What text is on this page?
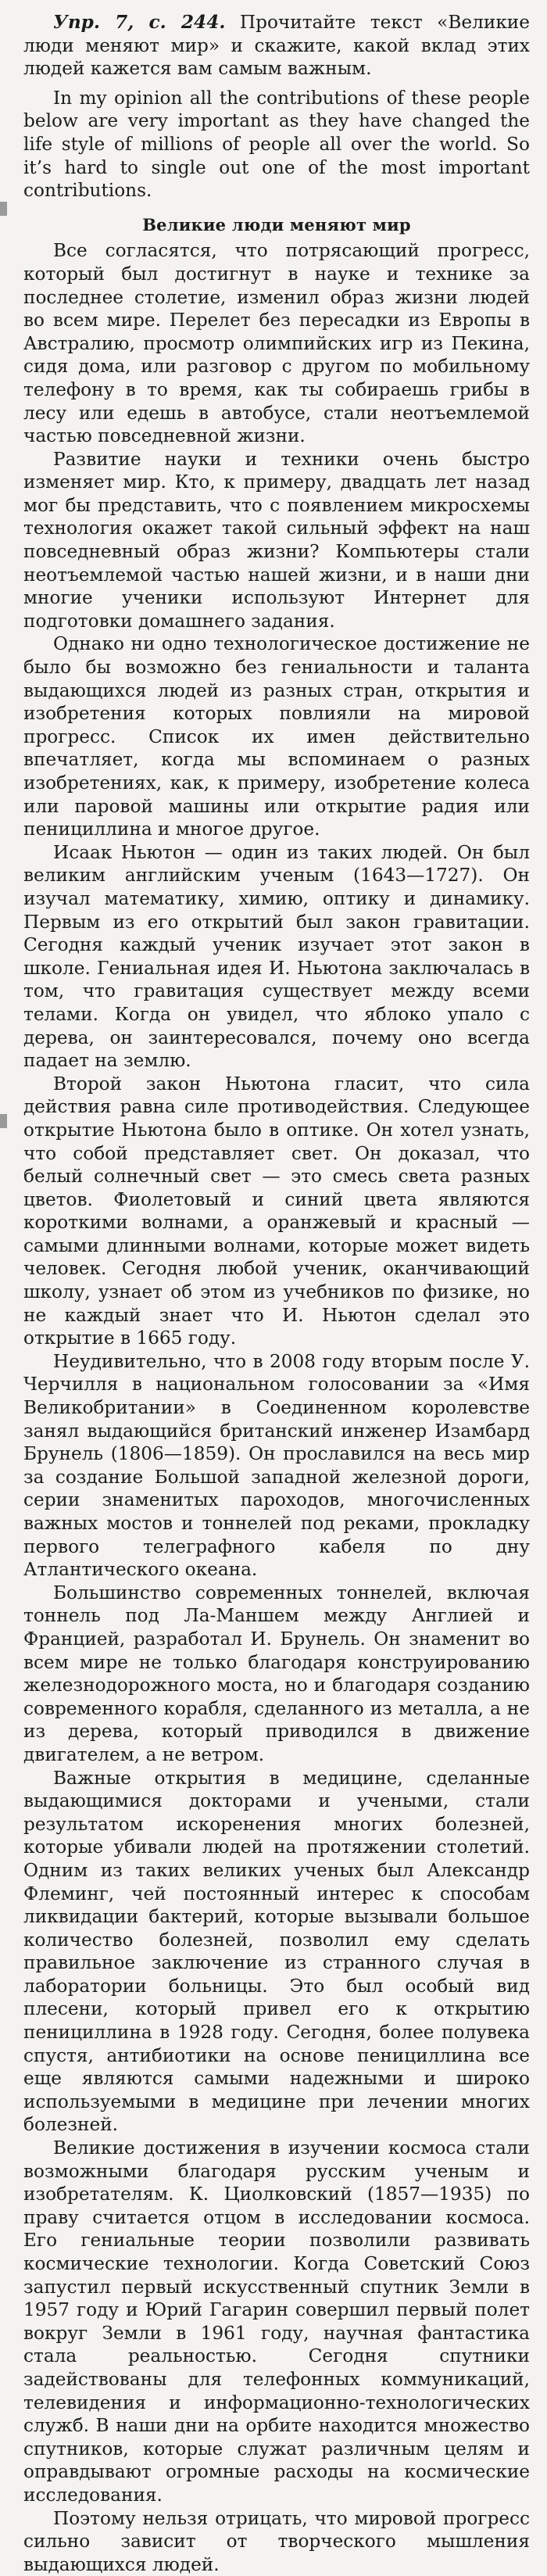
Упр. 7, с. 244. Прочитайте текст «Великие люди меняют мир» и скажите, какой вклад этих людей кажется вам самым важным.

In my opinion all the contributions of these people below are very important as they have changed the life style of millions of people all over the world. So it’s hard to single out one of the most important contributions.

Великие люди меняют мир

Все согласятся, что потрясающий прогресс, который был достигнут в науке и технике за последнее столетие, изменил образ жизни людей во всем мире. Перелет без пересадки из Европы в Австралию, просмотр олимпийских игр из Пекина, сидя дома, или разговор с другом по мобильному телефону в то время, как ты собираешь грибы в лесу или едешь в автобусе, стали неотъемлемой частью повседневной жизни.

Развитие науки и техники очень быстро изменяет мир. Кто, к примеру, двадцать лет назад мог бы представить, что с появлением микросхемы технология окажет такой сильный эффект на наш повседневный образ жизни? Компьютеры стали неотъемлемой частью нашей жизни, и в наши дни многие ученики используют Интернет для подготовки домашнего задания.

Однако ни одно технологическое достижение не было бы возможно без гениальности и таланта выдающихся людей из разных стран, открытия и изобретения которых повлияли на мировой прогресс. Список их имен действительно впечатляет, когда мы вспоминаем о разных изобретениях, как, к примеру, изобретение колеса или паровой машины или открытие радия или пенициллина и многое другое.

Исаак Ньютон — один из таких людей. Он был великим английским ученым (1643—1727). Он изучал математику, химию, оптику и динамику. Первым из его открытий был закон гравитации. Сегодня каждый ученик изучает этот закон в школе. Гениальная идея И. Ньютона заключалась в том, что гравитация существует между всеми телами. Когда он увидел, что яблоко упало с дерева, он заинтересовался, почему оно всегда падает на землю.

Второй закон Ньютона гласит, что сила действия равна силе противодействия. Следующее открытие Ньютона было в оптике. Он хотел узнать, что собой представляет свет. Он доказал, что белый солнечный свет — это смесь света разных цветов. Фиолетовый и синий цвета являются короткими волнами, а оранжевый и красный — самыми длинными волнами, которые может видеть человек. Сегодня любой ученик, оканчивающий школу, узнает об этом из учебников по физике, но не каждый знает что И. Ньютон сделал это открытие в 1665 году.

Неудивительно, что в 2008 году вторым после У. Черчилля в национальном голосовании за «Имя Великобритании» в Соединенном королевстве занял выдающийся британский инженер Изамбард Брунель (1806—1859). Он прославился на весь мир за создание Большой западной железной дороги, серии знаменитых пароходов, многочисленных важных мостов и тоннелей под реками, прокладку первого телеграфного кабеля по дну Атлантического океана.

Большинство современных тоннелей, включая тоннель под Ла-Маншем между Англией и Францией, разработал И. Брунель. Он знаменит во всем мире не только благодаря конструированию железнодорожного моста, но и благодаря созданию современного корабля, сделанного из металла, а не из дерева, который приводился в движение двигателем, а не ветром.

Важные открытия в медицине, сделанные выдающимися докторами и учеными, стали результатом искоренения многих болезней, которые убивали людей на протяжении столетий. Одним из таких великих ученых был Александр Флеминг, чей постоянный интерес к способам ликвидации бактерий, которые вызывали большое количество болезней, позволил ему сделать правильное заключение из странного случая в лаборатории больницы. Это был особый вид плесени, который привел его к открытию пенициллина в 1928 году. Сегодня, более полувека спустя, антибиотики на основе пенициллина все еще являются самыми надежными и широко используемыми в медицине при лечении многих болезней.

Великие достижения в изучении космоса стали возможными благодаря русским ученым и изобретателям. К. Циолковский (1857—1935) по праву считается отцом в исследовании космоса. Его гениальные теории позволили развивать космические технологии. Когда Советский Союз запустил первый искусственный спутник Земли в 1957 году и Юрий Гагарин совершил первый полет вокруг Земли в 1961 году, научная фантастика стала реальностью. Сегодня спутники задействованы для телефонных коммуникаций, телевидения и информационно-технологических служб. В наши дни на орбите находится множество спутников, которые служат различным целям и оправдывают огромные расходы на космические исследования.

Поэтому нельзя отрицать, что мировой прогресс сильно зависит от творческого мышления выдающихся людей.
